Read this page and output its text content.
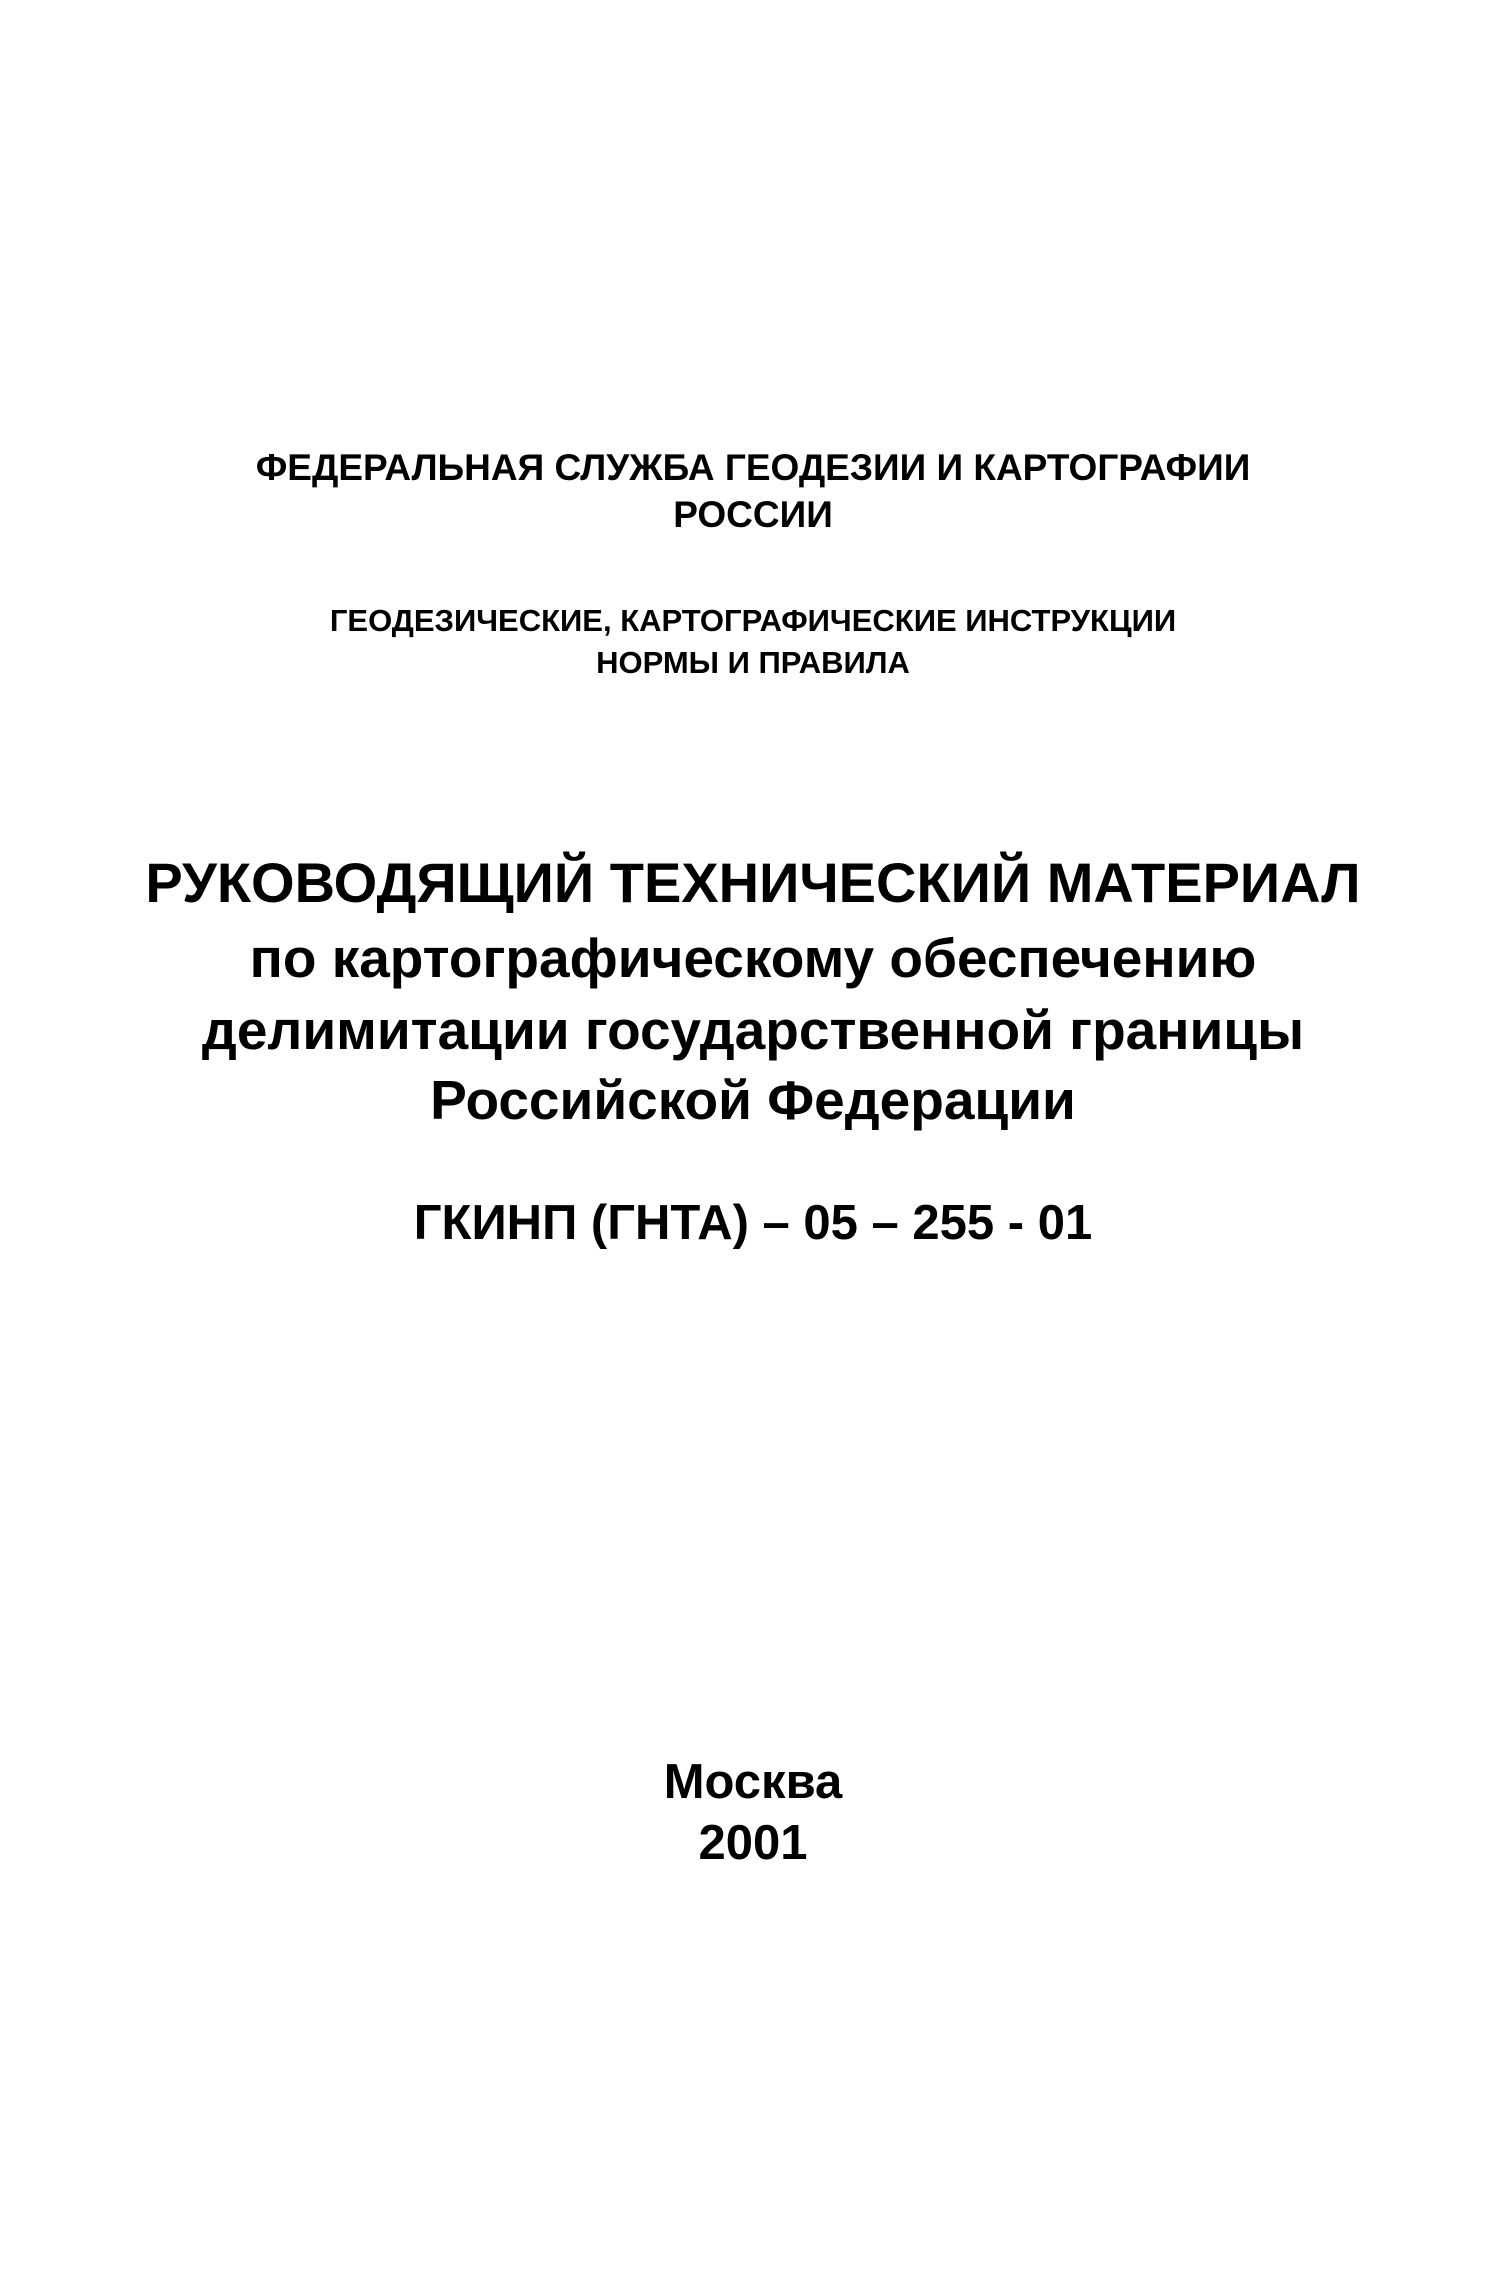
ФЕДЕРАЛЬНАЯ СЛУЖБА ГЕОДЕЗИИ И КАРТОГРАФИИ

РОССИИ

ГЕОДЕЗИЧЕСКИЕ, КАРТОГРАФИЧЕСКИЕ ИНСТРУКЦИИ

НОРМЫ И ПРАВИЛА

РУКОВОДЯЩИЙ ТЕХНИЧЕСКИЙ МАТЕРИАЛ

по картографическому обеспечению

делимитации государственной границы

Российской Федерации

ГКИНП (ГНТА) – 05 – 255 - 01

Москва

2001
